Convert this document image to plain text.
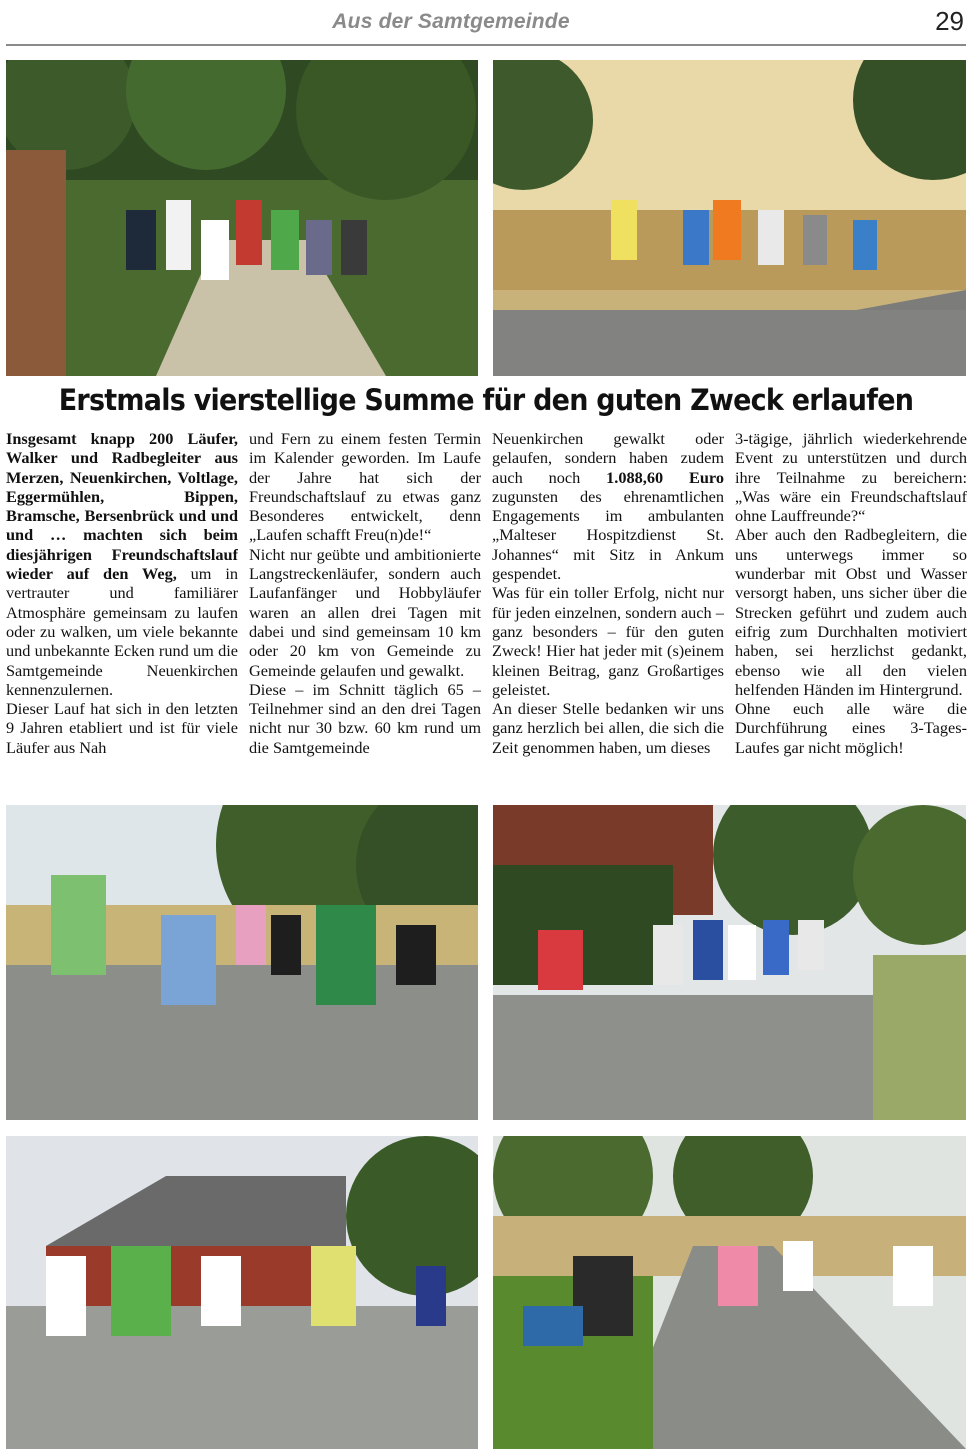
Aus der Samtgemeinde	29
Erstmals vierstellige Summe für den guten Zweck erlaufen

Insgesamt knapp 200 Läufer, Walker und Radbegleiter aus Merzen, Neuenkirchen, Voltlage, Eggermühlen, Bippen, Bramsche, Bersenbrück und und und … machten sich beim diesjährigen Freundschaftslauf wieder auf den Weg, um in vertrauter und familiärer Atmosphäre gemeinsam zu laufen oder zu walken, um viele bekannte und unbekannte Ecken rund um die Samtgemeinde Neuenkirchen kennenzulernen.

Dieser Lauf hat sich in den letzten 9 Jahren etabliert und ist für viele Läufer aus Nah

und Fern zu einem festen Termin im Kalender geworden. Im Laufe der Jahre hat sich der Freundschaftslauf zu etwas ganz Besonderes entwickelt, denn „Laufen schafft Freu(n)de!“

Nicht nur geübte und ambitionierte Langstreckenläufer, sondern auch Laufanfänger und Hobbyläufer waren an allen drei Tagen mit dabei und sind gemeinsam 10 km oder 20 km von Gemeinde zu Gemeinde gelaufen und gewalkt.

Diese – im Schnitt täglich 65 – Teilnehmer sind an den drei Tagen nicht nur 30 bzw. 60 km rund um die Samtgemeinde

Neuenkirchen gewalkt oder gelaufen, sondern haben zudem auch noch 1.088,60 Euro zugunsten des ehrenamtlichen Engagements im ambulanten „Malteser Hospitzdienst St. Johannes“ mit Sitz in Ankum gespendet.

Was für ein toller Erfolg, nicht nur für jeden einzelnen, sondern auch – ganz besonders – für den guten Zweck! Hier hat jeder mit (s)einem kleinen Beitrag, ganz Großartiges geleistet.

An dieser Stelle bedanken wir uns ganz herzlich bei allen, die sich die Zeit genommen haben, um dieses

3-tägige, jährlich wiederkehrende Event zu unterstützen und durch ihre Teilnahme zu bereichern: „Was wäre ein Freundschaftslauf ohne Lauffreunde?“

Aber auch den Radbegleitern, die uns unterwegs immer so wunderbar mit Obst und Wasser versorgt haben, uns sicher über die Strecken geführt und zudem auch eifrig zum Durchhalten motiviert haben, sei herzlichst gedankt, ebenso wie all den vielen helfenden Händen im Hintergrund.

Ohne euch alle wäre die Durchführung eines 3-Tages-Laufes gar nicht möglich!
